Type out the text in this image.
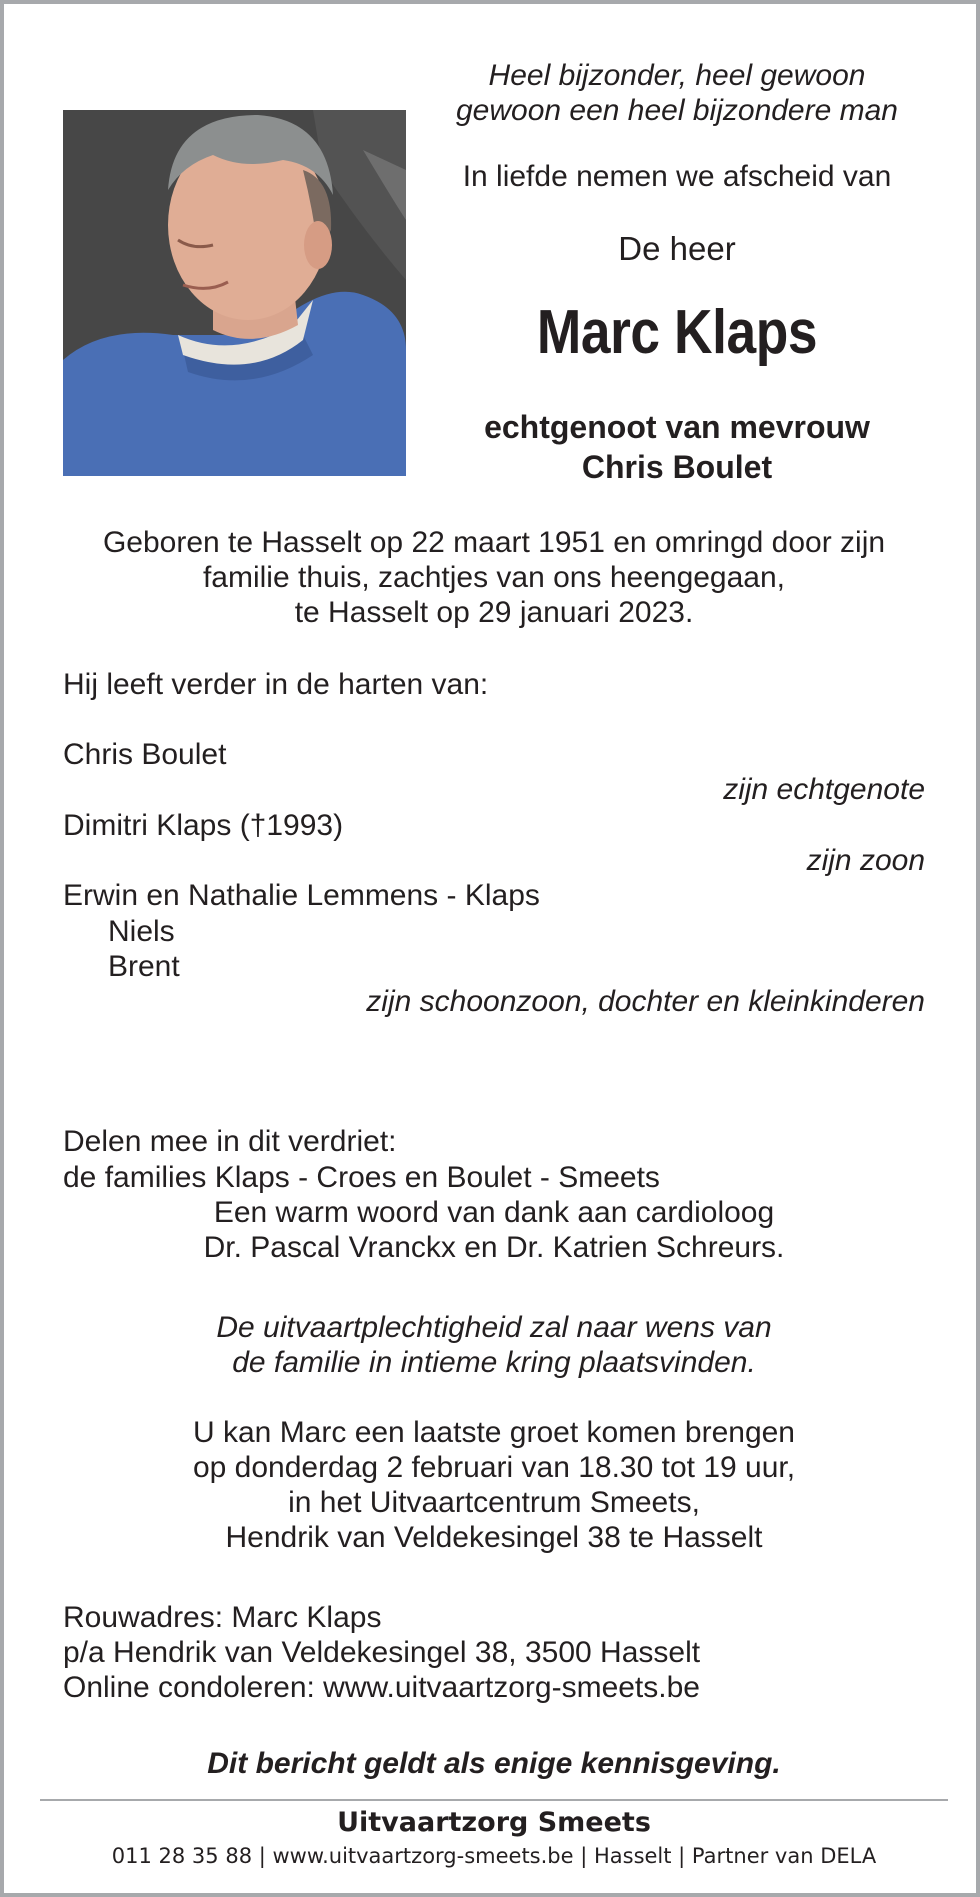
Heel bijzonder, heel gewoon
gewoon een heel bijzondere man
In liefde nemen we afscheid van
De heer
Marc Klaps
echtgenoot van mevrouw
Chris Boulet
Geboren te Hasselt op 22 maart 1951 en omringd door zijn
familie thuis, zachtjes van ons heengegaan,
te Hasselt op 29 januari 2023.
Hij leeft verder in de harten van:
Chris Boulet
zijn echtgenote
Dimitri Klaps (†1993)
zijn zoon
Erwin en Nathalie Lemmens - Klaps
Niels
Brent
zijn schoonzoon, dochter en kleinkinderen
Delen mee in dit verdriet:
de families Klaps - Croes en Boulet - Smeets
Een warm woord van dank aan cardioloog
Dr. Pascal Vranckx en Dr. Katrien Schreurs.
De uitvaartplechtigheid zal naar wens van
de familie in intieme kring plaatsvinden.
U kan Marc een laatste groet komen brengen
op donderdag 2 februari van 18.30 tot 19 uur,
in het Uitvaartcentrum Smeets,
Hendrik van Veldekesingel 38 te Hasselt
Rouwadres: Marc Klaps
p/a Hendrik van Veldekesingel 38, 3500 Hasselt
Online condoleren: www.uitvaartzorg-smeets.be
Dit bericht geldt als enige kennisgeving.
Uitvaartzorg Smeets
011 28 35 88 | www.uitvaartzorg-smeets.be | Hasselt | Partner van DELA
